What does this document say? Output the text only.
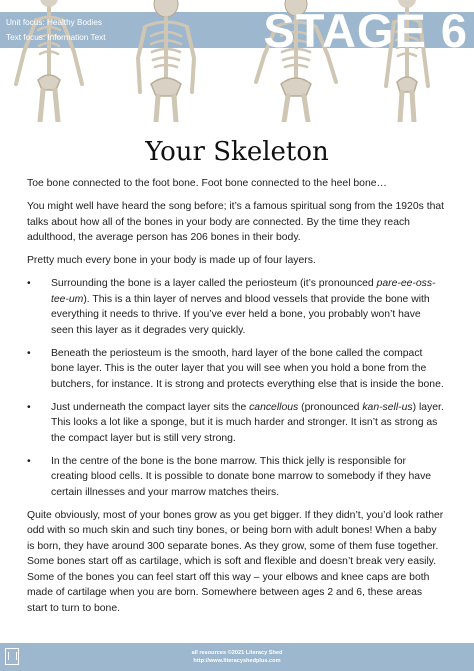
Unit focus: Healthy Bodies
Text focus: Information Text	STAGE 6
Your Skeleton

Toe bone connected to the foot bone. Foot bone connected to the heel bone…

You might well have heard the song before; it’s a famous spiritual song from the 1920s that talks about how all of the bones in your body are connected. By the time they reach adulthood, the average person has 206 bones in their body.

Pretty much every bone in your body is made up of four layers.

•	Surrounding the bone is a layer called the periosteum (it’s pronounced pare-ee-oss-tee-um). This is a thin layer of nerves and blood vessels that provide the bone with everything it needs to thrive. If you’ve ever held a bone, you probably won’t have seen this layer as it degrades very quickly.
•	Beneath the periosteum is the smooth, hard layer of the bone called the compact bone layer. This is the outer layer that you will see when you hold a bone from the butchers, for instance. It is strong and protects everything else that is inside the bone.
•	Just underneath the compact layer sits the cancellous (pronounced kan-sell-us) layer. This looks a lot like a sponge, but it is much harder and stronger. It isn’t as strong as the compact layer but is still very strong.
•	In the centre of the bone is the bone marrow. This thick jelly is responsible for creating blood cells. It is possible to donate bone marrow to somebody if they have certain illnesses and your marrow matches theirs.

Quite obviously, most of your bones grow as you get bigger. If they didn’t, you’d look rather odd with so much skin and such tiny bones, or being born with adult bones! When a baby is born, they have around 300 separate bones. As they grow, some of them fuse together. Some bones start off as cartilage, which is soft and flexible and doesn’t break very easily. Some of the bones you can feel start off this way – your elbows and knee caps are both made of cartilage when you are born. Somewhere between ages 2 and 6, these areas start to turn to bone.

all resources ©2021 Literacy Shed
http://www.literacyshedplus.com
